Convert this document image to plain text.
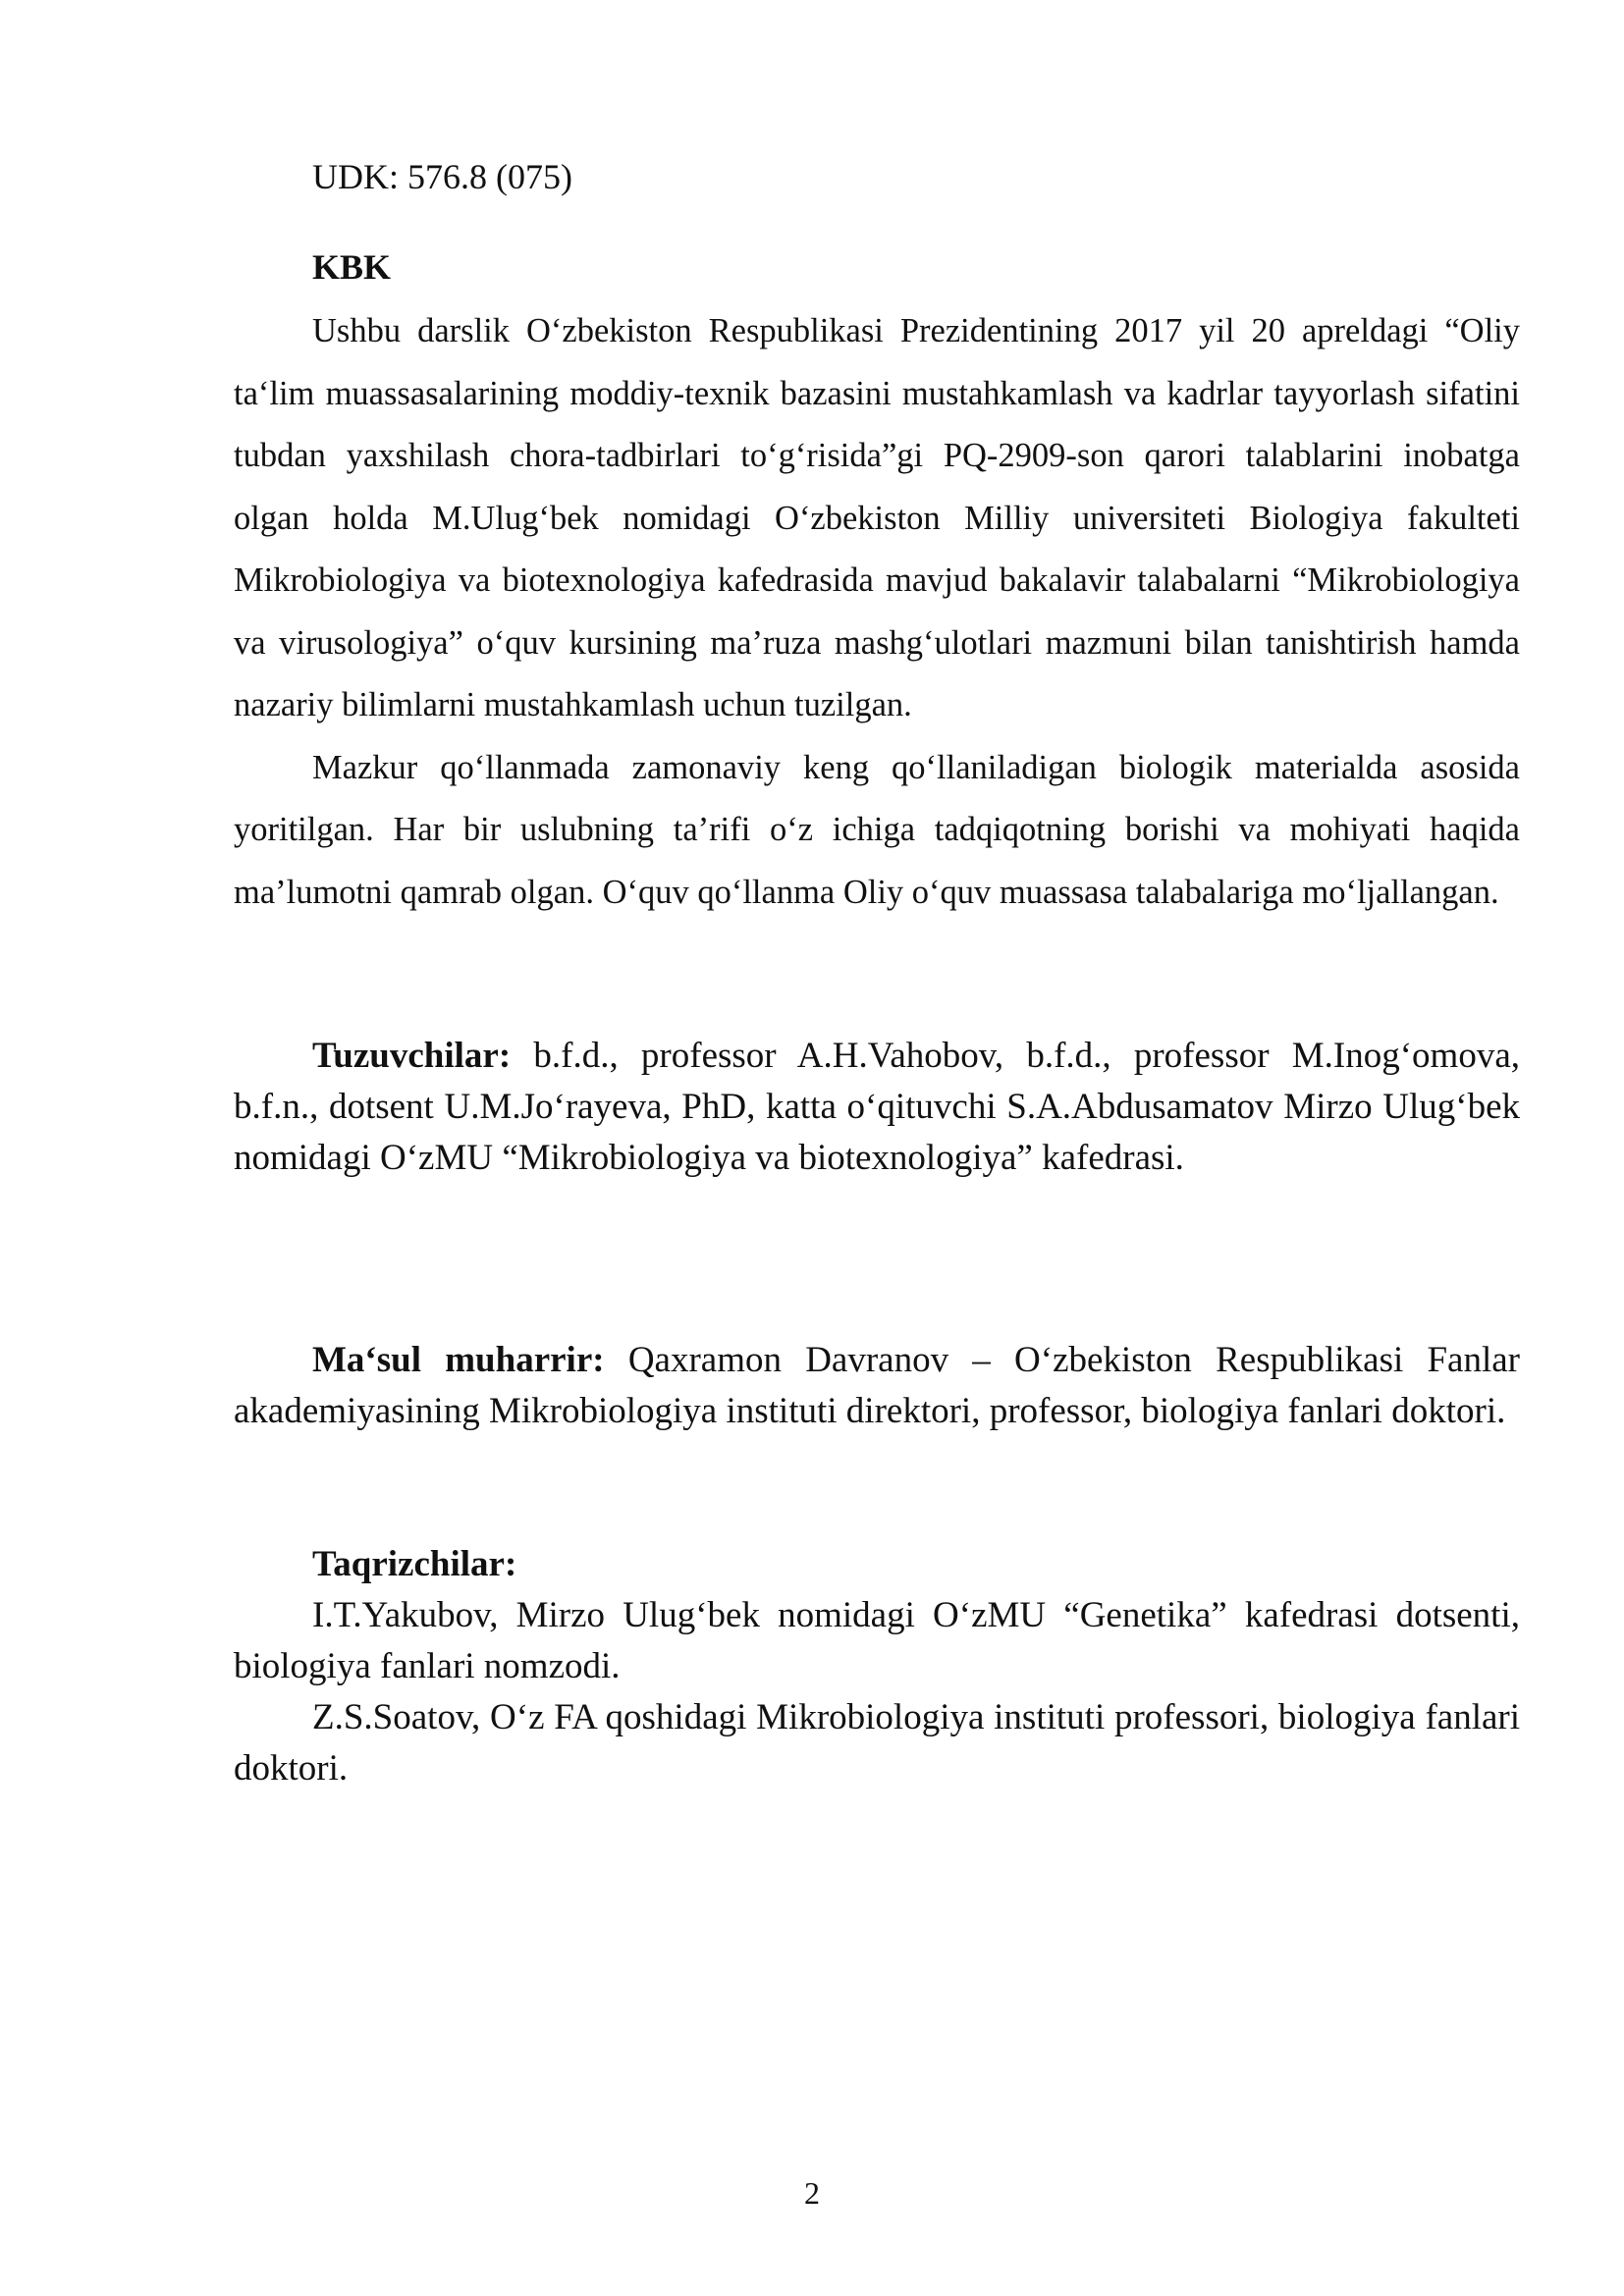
UDK: 576.8 (075)
KBK

Ushbu darslik O‘zbekiston Respublikasi Prezidentining 2017 yil 20 apreldagi “Oliy ta‘lim muassasalarining moddiy-texnik bazasini mustahkamlash va kadrlar tayyorlash sifatini tubdan yaxshilash chora-tadbirlari to‘g‘risida”gi PQ-2909-son qarori talablarini inobatga olgan holda M.Ulug‘bek nomidagi O‘zbekiston Milliy universiteti Biologiya fakulteti Mikrobiologiya va biotexnologiya kafedrasida mavjud bakalavir talabalarni “Mikrobiologiya va virusologiya” o‘quv kursining ma’ruza mashg‘ulotlari mazmuni bilan tanishtirish hamda nazariy bilimlarni mustahkamlash uchun tuzilgan.

Mazkur qo‘llanmada zamonaviy keng qo‘llaniladigan biologik materialda asosida yoritilgan. Har bir uslubning ta’rifi o‘z ichiga tadqiqotning borishi va mohiyati haqida ma’lumotni qamrab olgan. O‘quv qo‘llanma Oliy o‘quv muassasa talabalariga mo‘ljallangan.

Tuzuvchilar: b.f.d., professor A.H.Vahobov, b.f.d., professor M.Inog‘omova, b.f.n., dotsent U.M.Jo‘rayeva, PhD, katta o‘qituvchi S.A.Abdusamatov Mirzo Ulug‘bek nomidagi O‘zMU “Mikrobiologiya va biotexnologiya” kafedrasi.

Ma‘sul muharrir: Qaxramon Davranov – O‘zbekiston Respublikasi Fanlar akademiyasining Mikrobiologiya instituti direktori, professor, biologiya fanlari doktori.

Taqrizchilar:

I.T.Yakubov, Mirzo Ulug‘bek nomidagi O‘zMU “Genetika” kafedrasi dotsenti, biologiya fanlari nomzodi.

Z.S.Soatov, O‘z FA qoshidagi Mikrobiologiya instituti professori, biologiya fanlari doktori.

2
